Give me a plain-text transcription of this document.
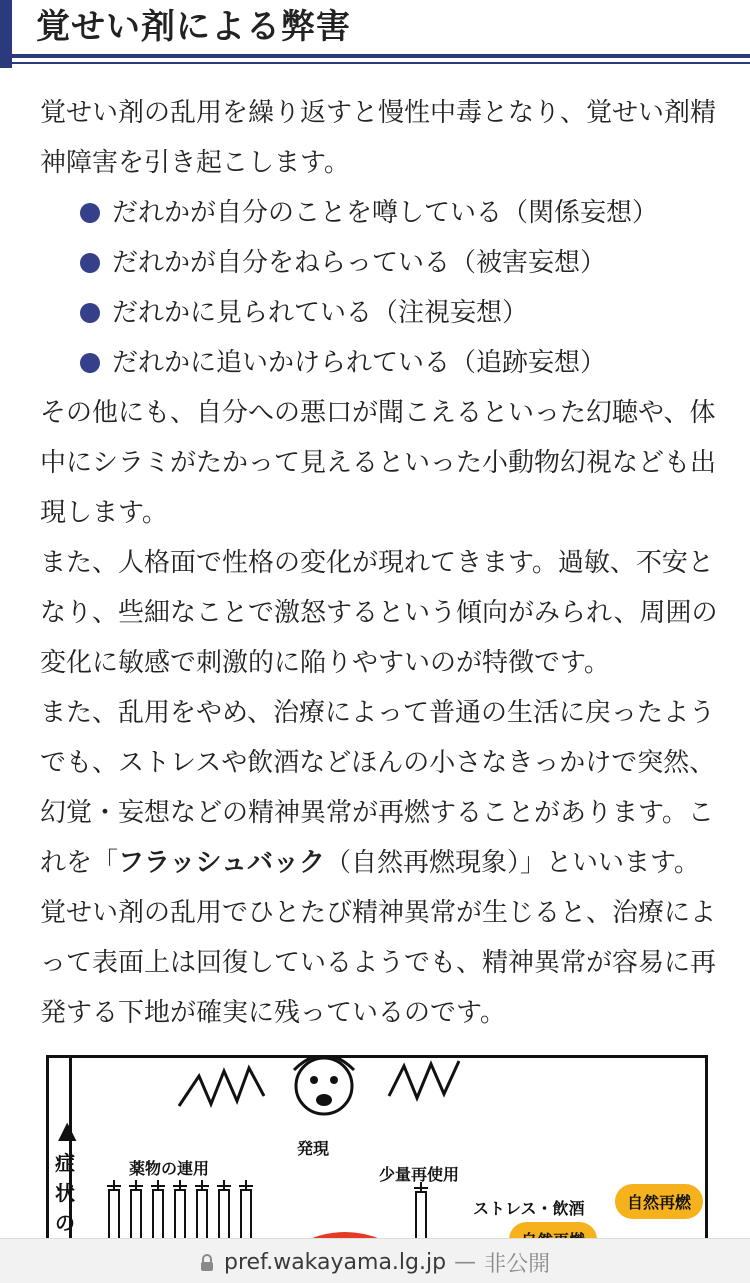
覚せい剤による弊害

覚せい剤の乱用を繰り返すと慢性中毒となり、覚せい剤精神障害を引き起こします。

だれかが自分のことを噂している（関係妄想）
だれかが自分をねらっている（被害妄想）
だれかに見られている（注視妄想）
だれかに追いかけられている（追跡妄想）

その他にも、自分への悪口が聞こえるといった幻聴や、体中にシラミがたかって見えるといった小動物幻視なども出現します。

また、人格面で性格の変化が現れてきます。過敏、不安となり、些細なことで激怒するという傾向がみられ、周囲の変化に敏感で刺激的に陥りやすいのが特徴です。

また、乱用をやめ、治療によって普通の生活に戻ったようでも、ストレスや飲酒などほんの小さなきっかけで突然、幻覚・妄想などの精神異常が再燃することがあります。これを「フラッシュバック（自然再燃現象）」といいます。覚せい剤の乱用でひとたび精神異常が生じると、治療によって表面上は回復しているようでも、精神異常が容易に再発する下地が確実に残っているのです。

▲
症状の
発現
薬物の連用	少量再使用
ストレス・飲酒	自然再燃
pref.wakayama.lg.jp — 非公開
